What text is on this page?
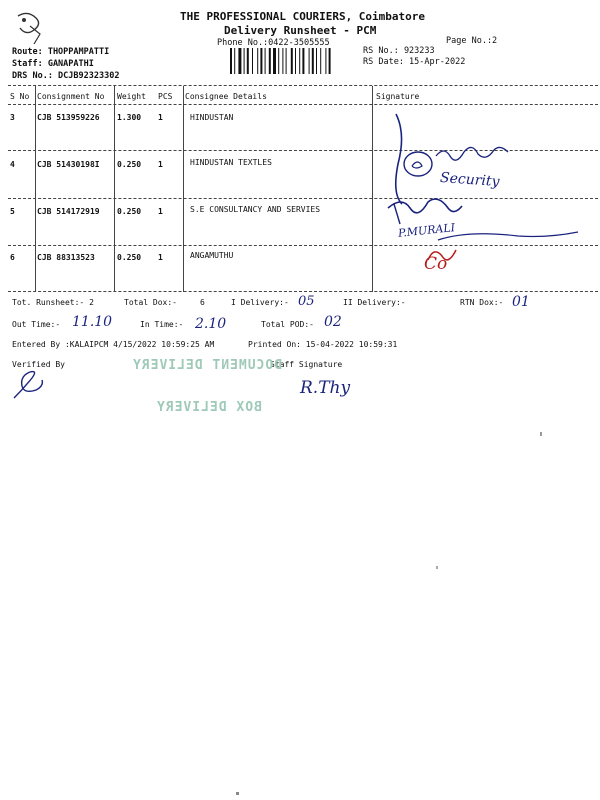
THE PROFESSIONAL COURIERS, Coimbatore
Delivery Runsheet - PCM
Phone No.:0422-3505555	Page No.:2
RS No.: 923233
RS Date: 15-Apr-2022
Route: THOPPAMPATTI
Staff: GANAPATHI
DRS No.: DCJB92323302
S No Consignment No Weight PCS Consignee Details	Signature
3	CJB 513959226 1.300 1	HINDUSTAN
4	CJB 51430198I 0.250 1	HINDUSTAN TEXTLES
5	CJB 514172919 0.250 1	S.E CONSULTANCY AND SERVIES
6	CJB 88313523	0.250 1	ANGAMUTHU
Security
P.MURALI
Co
Tot. Runsheet:- 2	Total Dox:-	6	I Delivery:- 05	II Delivery:-	RTN Dox:- 01
Out Time:- 11.10	In Time:- 2.10	Total POD:- 02
Entered By :KALAIPCM 4/15/2022 10:59:25 AM	Printed On: 15-04-2022 10:59:31
Verified By	Staff Signature
R.Thy
DOCUMENT DELIVERY
BOX DELIVERY
